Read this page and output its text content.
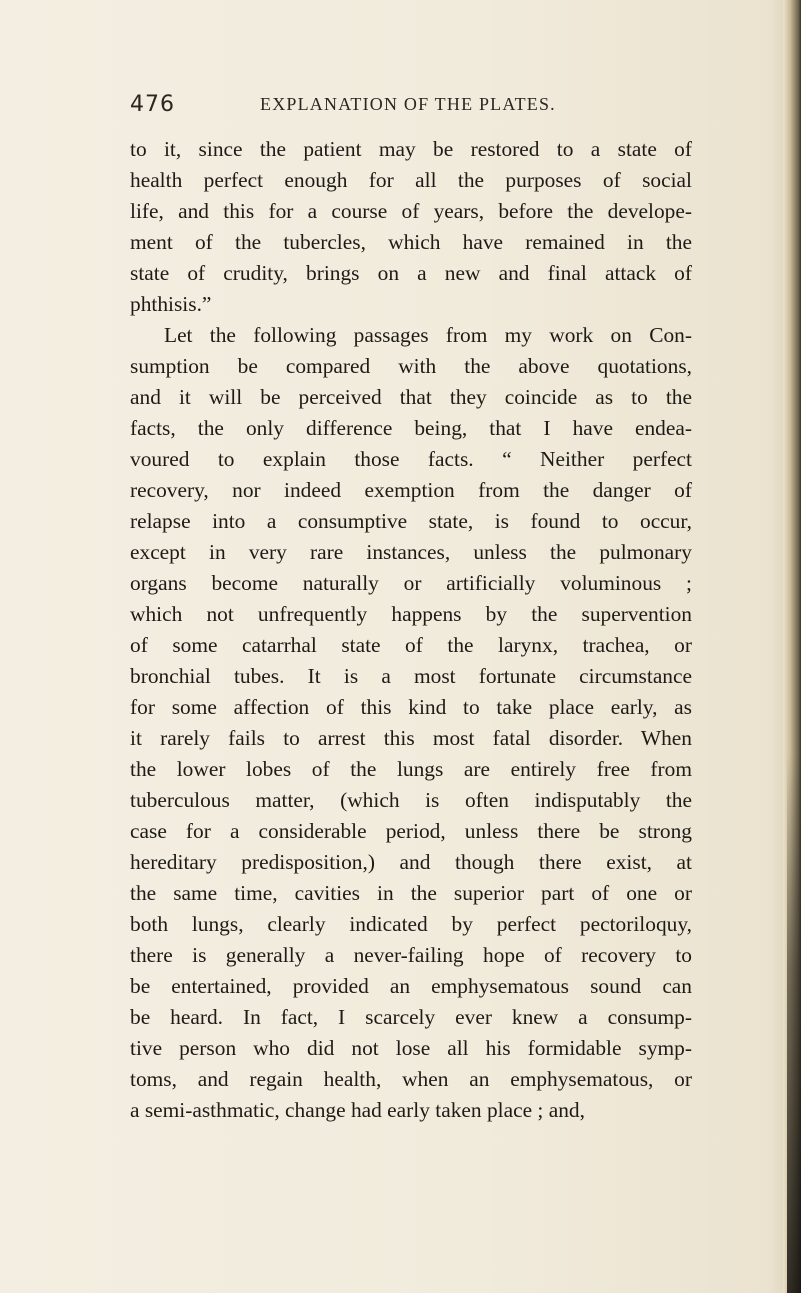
476	EXPLANATION OF THE PLATES.
to it, since the patient may be restored to a state of
health perfect enough for all the purposes of social
life, and this for a course of years, before the develope-
ment of the tubercles, which have remained in the
state of crudity, brings on a new and final attack of
phthisis.”
Let the following passages from my work on Con-
sumption be compared with the above quotations,
and it will be perceived that they coincide as to the
facts, the only difference being, that I have endea-
voured to explain those facts. “ Neither perfect
recovery, nor indeed exemption from the danger of
relapse into a consumptive state, is found to occur,
except in very rare instances, unless the pulmonary
organs become naturally or artificially voluminous ;
which not unfrequently happens by the supervention
of some catarrhal state of the larynx, trachea, or
bronchial tubes. It is a most fortunate circumstance
for some affection of this kind to take place early, as
it rarely fails to arrest this most fatal disorder. When
the lower lobes of the lungs are entirely free from
tuberculous matter, (which is often indisputably the
case for a considerable period, unless there be strong
hereditary predisposition,) and though there exist, at
the same time, cavities in the superior part of one or
both lungs, clearly indicated by perfect pectoriloquy,
there is generally a never-failing hope of recovery to
be entertained, provided an emphysematous sound can
be heard. In fact, I scarcely ever knew a consump-
tive person who did not lose all his formidable symp-
toms, and regain health, when an emphysematous, or
a semi-asthmatic, change had early taken place ; and,
